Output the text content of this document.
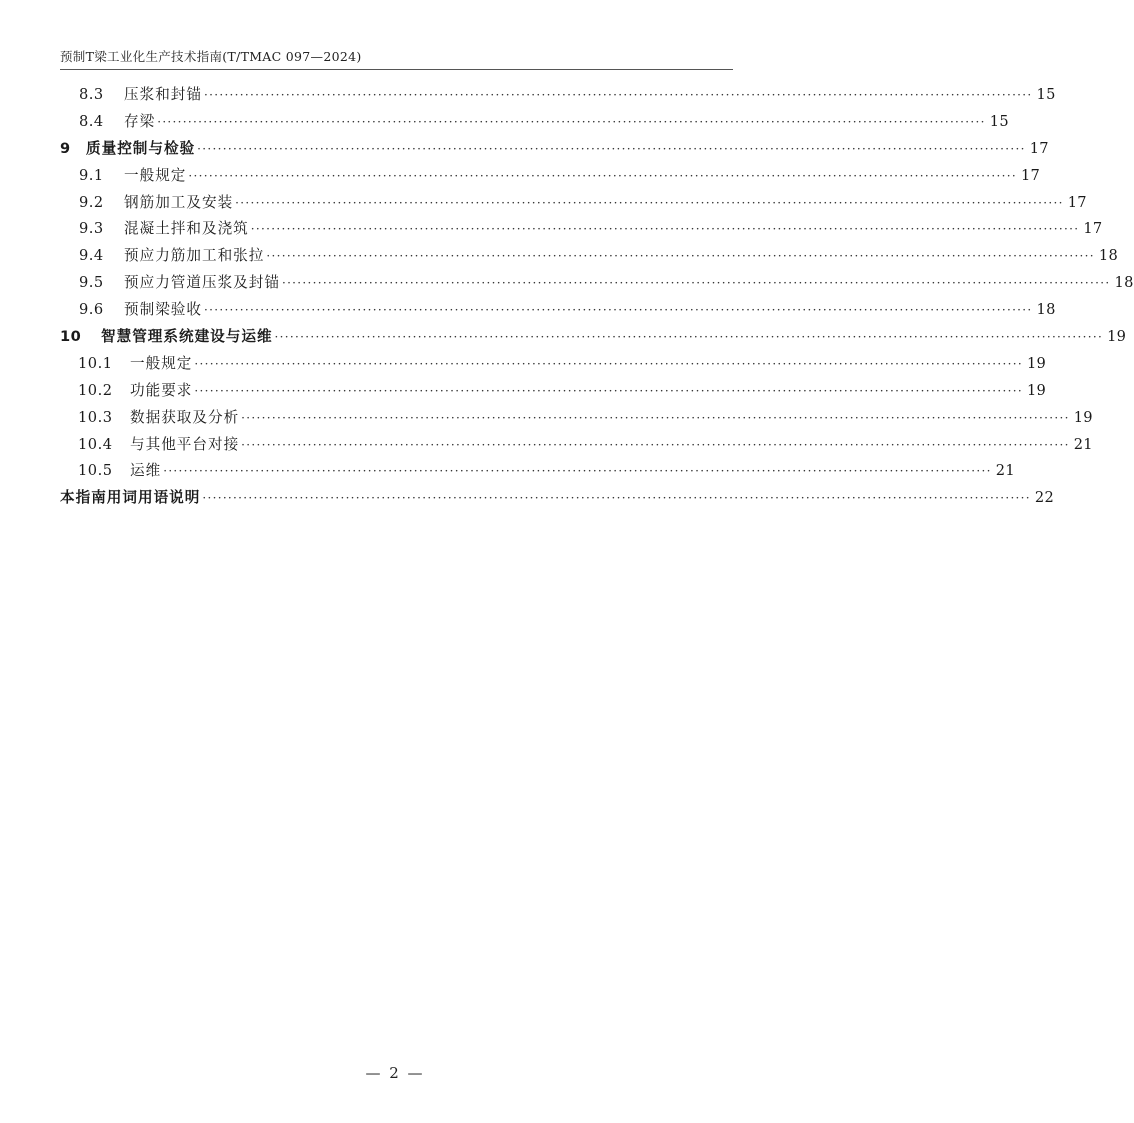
预制T梁工业化生产技术指南(T/TMAC 097—2024)
8.3	压浆和封锚 ·································································································································································· 15
8.4	存梁 ·································································································································································· 15
9	质量控制与检验 ·································································································································································· 17
9.1	一般规定 ·································································································································································· 17
9.2	钢筋加工及安装 ·································································································································································· 17
9.3	混凝土拌和及浇筑 ·································································································································································· 17
9.4	预应力筋加工和张拉 ·································································································································································· 18
9.5	预应力管道压浆及封锚 ·································································································································································· 18
9.6	预制梁验收 ·································································································································································· 18
10	智慧管理系统建设与运维 ·································································································································································· 19
10.1	一般规定 ·································································································································································· 19
10.2	功能要求 ·································································································································································· 19
10.3	数据获取及分析 ·································································································································································· 19
10.4	与其他平台对接 ·································································································································································· 21
10.5	运维 ·································································································································································· 21
本指南用词用语说明 ·································································································································································· 22
— 2 —
